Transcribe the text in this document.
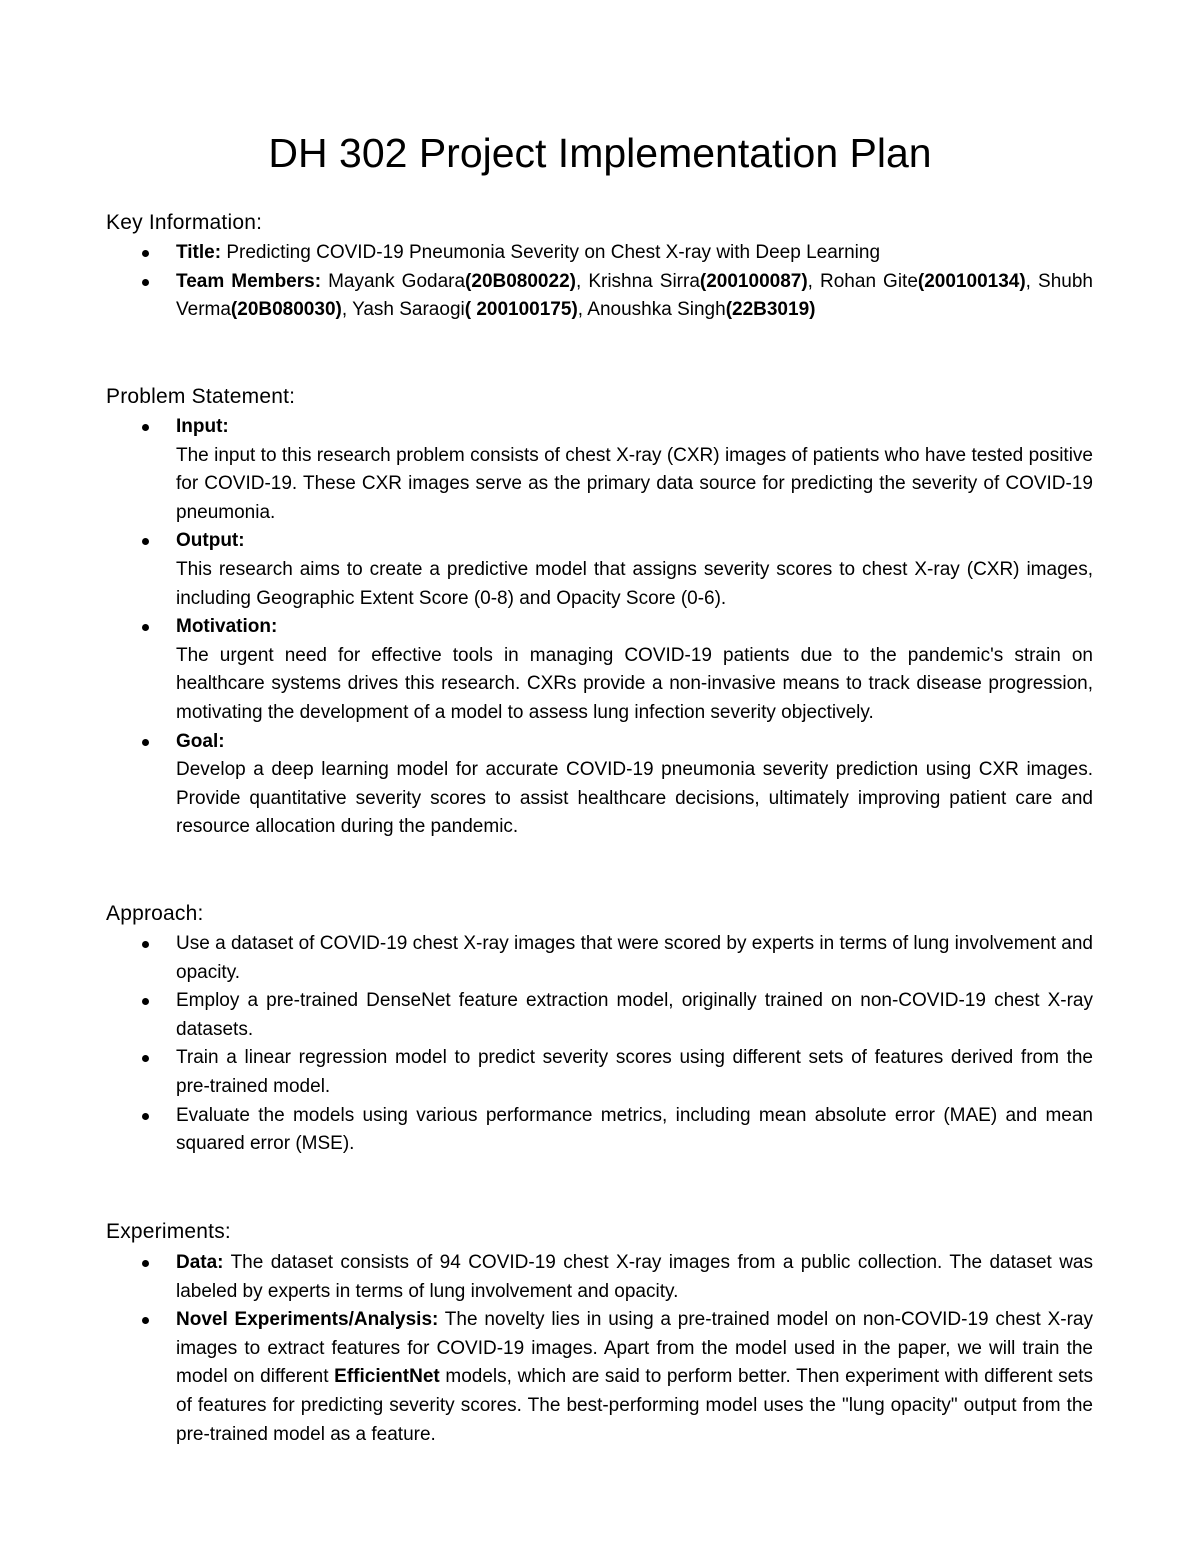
DH 302 Project Implementation Plan
Key Information:
Title: Predicting COVID-19 Pneumonia Severity on Chest X-ray with Deep Learning
Team Members: Mayank Godara(20B080022), Krishna Sirra(200100087), Rohan Gite(200100134), Shubh Verma(20B080030), Yash Saraogi( 200100175), Anoushka Singh(22B3019)
Problem Statement:
Input:
The input to this research problem consists of chest X-ray (CXR) images of patients who have tested positive for COVID-19. These CXR images serve as the primary data source for predicting the severity of COVID-19 pneumonia.
Output:
This research aims to create a predictive model that assigns severity scores to chest X-ray (CXR) images, including Geographic Extent Score (0-8) and Opacity Score (0-6).
Motivation:
The urgent need for effective tools in managing COVID-19 patients due to the pandemic's strain on healthcare systems drives this research. CXRs provide a non-invasive means to track disease progression, motivating the development of a model to assess lung infection severity objectively.
Goal:
Develop a deep learning model for accurate COVID-19 pneumonia severity prediction using CXR images. Provide quantitative severity scores to assist healthcare decisions, ultimately improving patient care and resource allocation during the pandemic.
Approach:
Use a dataset of COVID-19 chest X-ray images that were scored by experts in terms of lung involvement and opacity.
Employ a pre-trained DenseNet feature extraction model, originally trained on non-COVID-19 chest X-ray datasets.
Train a linear regression model to predict severity scores using different sets of features derived from the pre-trained model.
Evaluate the models using various performance metrics, including mean absolute error (MAE) and mean squared error (MSE).
Experiments:
Data: The dataset consists of 94 COVID-19 chest X-ray images from a public collection. The dataset was labeled by experts in terms of lung involvement and opacity.
Novel Experiments/Analysis: The novelty lies in using a pre-trained model on non-COVID-19 chest X-ray images to extract features for COVID-19 images. Apart from the model used in the paper, we will train the model on different EfficientNet models, which are said to perform better. Then experiment with different sets of features for predicting severity scores. The best-performing model uses the "lung opacity" output from the pre-trained model as a feature.
